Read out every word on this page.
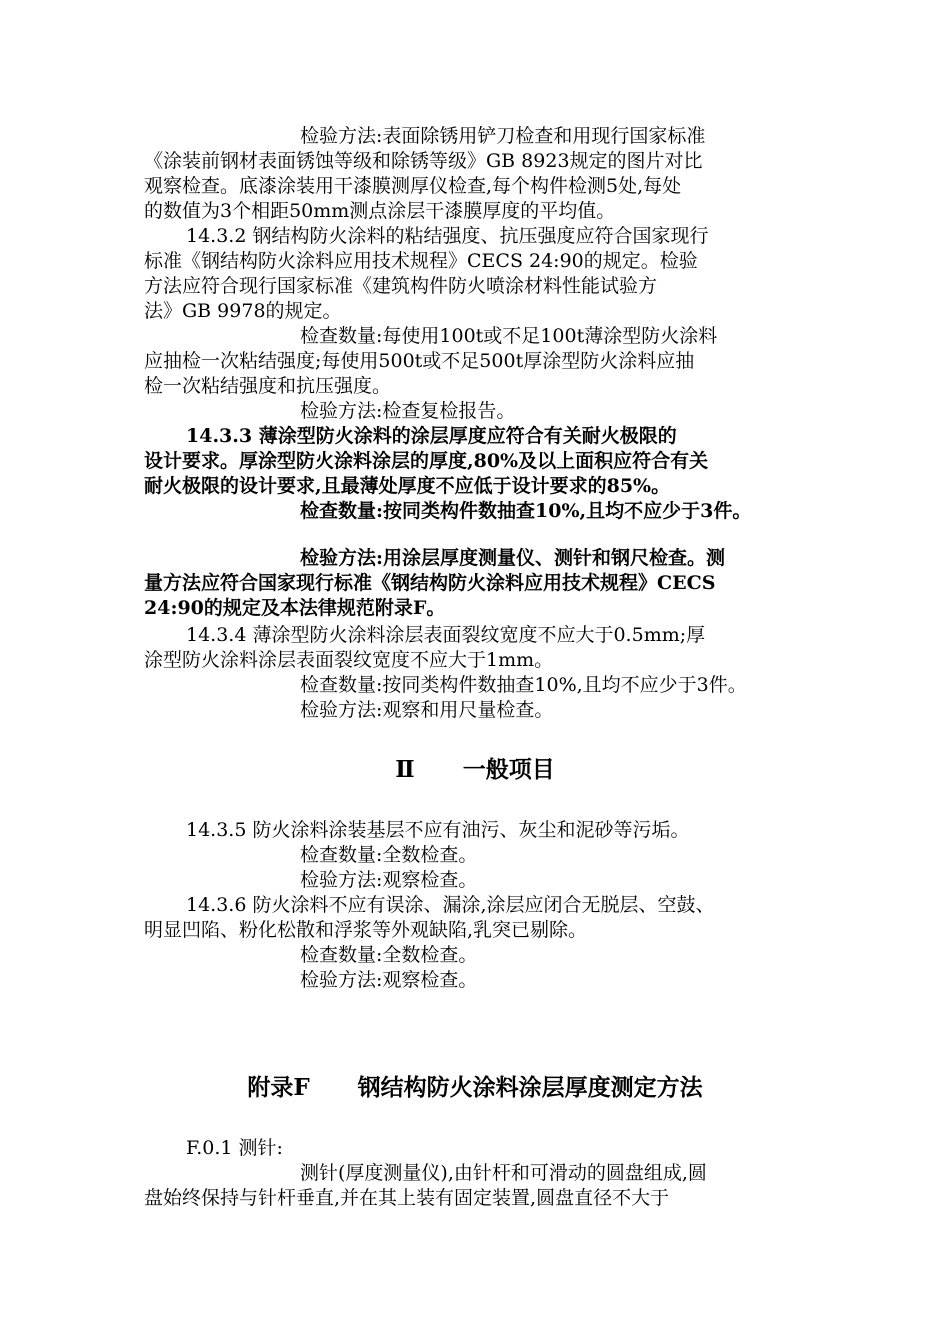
检验方法:表面除锈用铲刀检查和用现行国家标准
《涂装前钢材表面锈蚀等级和除锈等级》GB 8923规定的图片对比
观察检查。底漆涂装用干漆膜测厚仪检查,每个构件检测5处,每处
的数值为3个相距50mm测点涂层干漆膜厚度的平均值。
14.3.2 钢结构防火涂料的粘结强度、抗压强度应符合国家现行
标准《钢结构防火涂料应用技术规程》CECS 24:90的规定。检验
方法应符合现行国家标准《建筑构件防火喷涂材料性能试验方
法》GB 9978的规定。
检查数量:每使用100t或不足100t薄涂型防火涂料
应抽检一次粘结强度;每使用500t或不足500t厚涂型防火涂料应抽
检一次粘结强度和抗压强度。
检验方法:检查复检报告。
14.3.3 薄涂型防火涂料的涂层厚度应符合有关耐火极限的
设计要求。厚涂型防火涂料涂层的厚度,80%及以上面积应符合有关
耐火极限的设计要求,且最薄处厚度不应低于设计要求的85%。
检查数量:按同类构件数抽查10%,且均不应少于3件。
检验方法:用涂层厚度测量仪、测针和钢尺检查。测
量方法应符合国家现行标准《钢结构防火涂料应用技术规程》CECS
24:90的规定及本法律规范附录F。
14.3.4 薄涂型防火涂料涂层表面裂纹宽度不应大于0.5mm;厚
涂型防火涂料涂层表面裂纹宽度不应大于1mm。
检查数量:按同类构件数抽查10%,且均不应少于3件。
检验方法:观察和用尺量检查。
Ⅱ      一般项目
14.3.5 防火涂料涂装基层不应有油污、灰尘和泥砂等污垢。
检查数量:全数检查。
检验方法:观察检查。
14.3.6 防火涂料不应有误涂、漏涂,涂层应闭合无脱层、空鼓、
明显凹陷、粉化松散和浮浆等外观缺陷,乳突已剔除。
检查数量:全数检查。
检验方法:观察检查。
附录F      钢结构防火涂料涂层厚度测定方法
F.0.1 测针:
测针(厚度测量仪),由针杆和可滑动的圆盘组成,圆
盘始终保持与针杆垂直,并在其上装有固定装置,圆盘直径不大于
